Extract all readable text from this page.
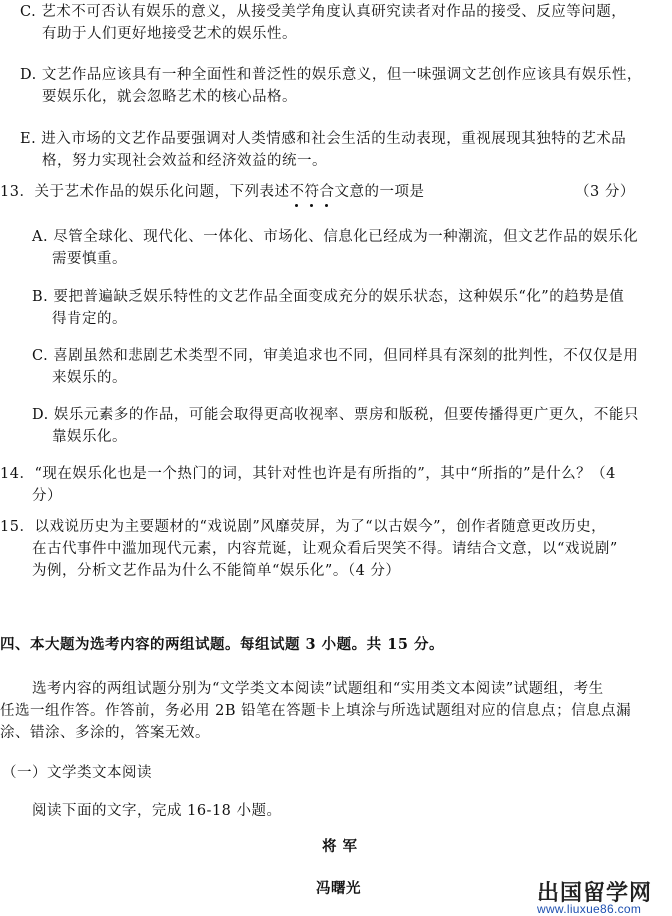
C. 艺术不可否认有娱乐的意义，从接受美学角度认真研究读者对作品的接受、反应等问题，
有助于人们更好地接受艺术的娱乐性。
D. 文艺作品应该具有一种全面性和普泛性的娱乐意义，但一味强调文艺创作应该具有娱乐性，
要娱乐化，就会忽略艺术的核心品格。
E. 进入市场的文艺作品要强调对人类情感和社会生活的生动表现，重视展现其独特的艺术品
格，努力实现社会效益和经济效益的统一。
13．关于艺术作品的娱乐化问题，下列表述不
符
合
文意的一项是	（3 分）
A. 尽管全球化、现代化、一体化、市场化、信息化已经成为一种潮流，但文艺作品的娱乐化
需要慎重。
B. 要把普遍缺乏娱乐特性的文艺作品全面变成充分的娱乐状态，这种娱乐“化”的趋势是值
得肯定的。
C. 喜剧虽然和悲剧艺术类型不同，审美追求也不同，但同样具有深刻的批判性，不仅仅是用
来娱乐的。
D. 娱乐元素多的作品，可能会取得更高收视率、票房和版税，但要传播得更广更久，不能只
靠娱乐化。
14．“现在娱乐化也是一个热门的词，其针对性也许是有所指的”，其中“所指的”是什么？（4
分）
15．以戏说历史为主要题材的“戏说剧”风靡荧屏，为了“以古娱今”，创作者随意更改历史，
在古代事件中滥加现代元素，内容荒诞，让观众看后哭笑不得。请结合文意，以“戏说剧”
为例，分析文艺作品为什么不能简单“娱乐化”。（4 分）
四、本大题为选考内容的两组试题。每组试题 3 小题。共 15 分。
选考内容的两组试题分别为“文学类文本阅读”试题组和“实用类文本阅读”试题组，考生
任选一组作答。作答前，务必用 2B 铅笔在答题卡上填涂与所选试题组对应的信息点；信息点漏
涂、错涂、多涂的，答案无效。
（一）文学类文本阅读
阅读下面的文字，完成 16-18 小题。
将 军
冯曙光	出国留学网
www.liuxue86.com
